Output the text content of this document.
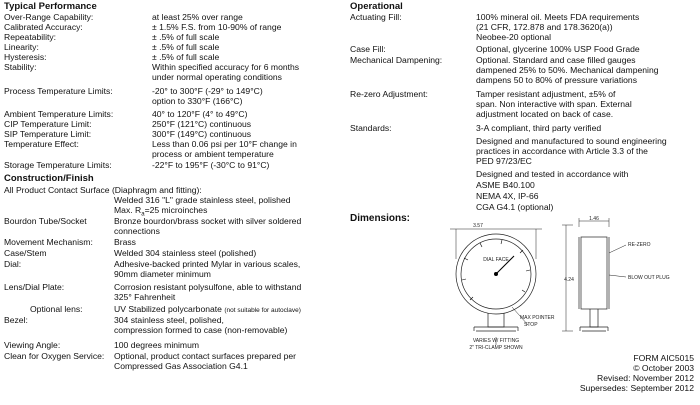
Typical Performance
Over-Range Capability:	at least 25% over range
Calibrated Accuracy:	± 1.5% F.S. from 10-90% of range
Repeatability:	± .5% of full scale
Linearity:	± .5% of full scale
Hysteresis:	± .5% of full scale
Stability:	Within specified accuracy for 6 months
under normal operating conditions
Process Temperature Limits:	-20° to 300°F (-29° to 149°C)
option to 330°F (166°C)
Ambient Temperature Limits:	40° to 120°F (4° to 49°C)
CIP Temperature Limit:	250°F (121°C) continuous
SIP Temperature Limit:	300°F (149°C) continuous
Temperature Effect:	Less than 0.06 psi per 10°F change in
process or ambient temperature
Storage Temperature Limits:	-22°F to 195°F (-30°C to 91°C)
Construction/Finish
All Product Contact Surface (Diaphragm and fitting):
Welded 316 "L" grade stainless steel, polished
Max. $R_a=25$ microinches
Bourdon Tube/Socket	Bronze bourdon/brass socket with silver soldered
connections
Movement Mechanism: Brass
Case/Stem	Welded 304 stainless steel (polished)
Dial:	Adhesive-backed printed Mylar in various scales,
90mm diameter minimum
Lens/Dial Plate:	Corrosion resistant polysulfone, able to withstand
325° Fahrenheit
Optional lens:	UV Stabilized polycarbonate (not suitable for autoclave)
Bezel:	304 stainless steel, polished,
compression formed to case (non-removable)
Viewing Angle:	100 degrees minimum
Clean for Oxygen Service: Optional, product contact surfaces prepared per
Compressed Gas Association G4.1
Operational
Actuating Fill:	100% mineral oil. Meets FDA requirements
(21 CFR, 172.878 and 178.3620(a))
Neobee-20 optional
Case Fill:	Optional, glycerine 100% USP Food Grade
Mechanical Dampening:	Optional. Standard and case filled gauges
dampened 25% to 50%. Mechanical dampening
dampens 50 to 80% of pressure variations
Re-zero Adjustment:	Tamper resistant adjustment, ±5% of
span. Non interactive with span. External
adjustment located on back of case.
Standards:	3-A compliant, third party verified
Designed and manufactured to sound engineering
practices in accordance with Article 3.3 of the
PED 97/23/EC
Designed and tested in accordance with
ASME B40.100
NEMA 4X, IP-66
CGA G4.1 (optional)
Dimensions:
3.57
DIAL FACE
4.24
1.46
RE-ZERO
BLOW OUT PLUG
MAX POINTER
STOP
VARIES W/ FITTING
2" TRI-CLAMP SHOWN
FORM AIC5015
© October 2003
Revised: November 2012
Supersedes: September 2012
